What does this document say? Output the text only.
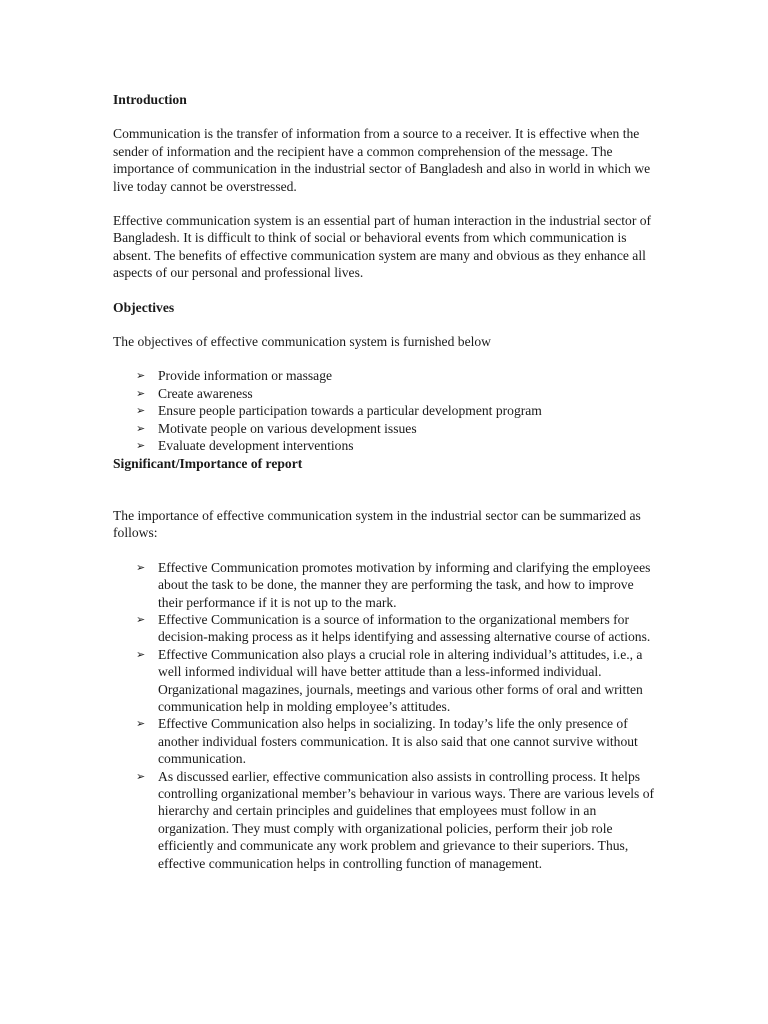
Introduction

Communication is the transfer of information from a source to a receiver. It is effective when the sender of information and the recipient have a common comprehension of the message. The importance of communication in the industrial sector of Bangladesh and also in world in which we live today cannot be overstressed.

Effective communication system is an essential part of human interaction in the industrial sector of Bangladesh. It is difficult to think of social or behavioral events from which communication is absent. The benefits of effective communication system are many and obvious as they enhance all aspects of our personal and professional lives.

Objectives

The objectives of effective communication system is furnished below

➢ Provide information or massage
➢ Create awareness
➢ Ensure people participation towards a particular development program
➢ Motivate people on various development issues
➢ Evaluate development interventions
Significant/Importance of report

The importance of effective communication system in the industrial sector can be summarized as follows:

➢ Effective Communication promotes motivation by informing and clarifying the employees about the task to be done, the manner they are performing the task, and how to improve their performance if it is not up to the mark.
➢ Effective Communication is a source of information to the organizational members for decision-making process as it helps identifying and assessing alternative course of actions.
➢ Effective Communication also plays a crucial role in altering individual’s attitudes, i.e., a well informed individual will have better attitude than a less-informed individual. Organizational magazines, journals, meetings and various other forms of oral and written communication help in molding employee’s attitudes.
➢ Effective Communication also helps in socializing. In today’s life the only presence of another individual fosters communication. It is also said that one cannot survive without communication.
➢ As discussed earlier, effective communication also assists in controlling process. It helps controlling organizational member’s behaviour in various ways. There are various levels of hierarchy and certain principles and guidelines that employees must follow in an organization. They must comply with organizational policies, perform their job role efficiently and communicate any work problem and grievance to their superiors. Thus, effective communication helps in controlling function of management.
